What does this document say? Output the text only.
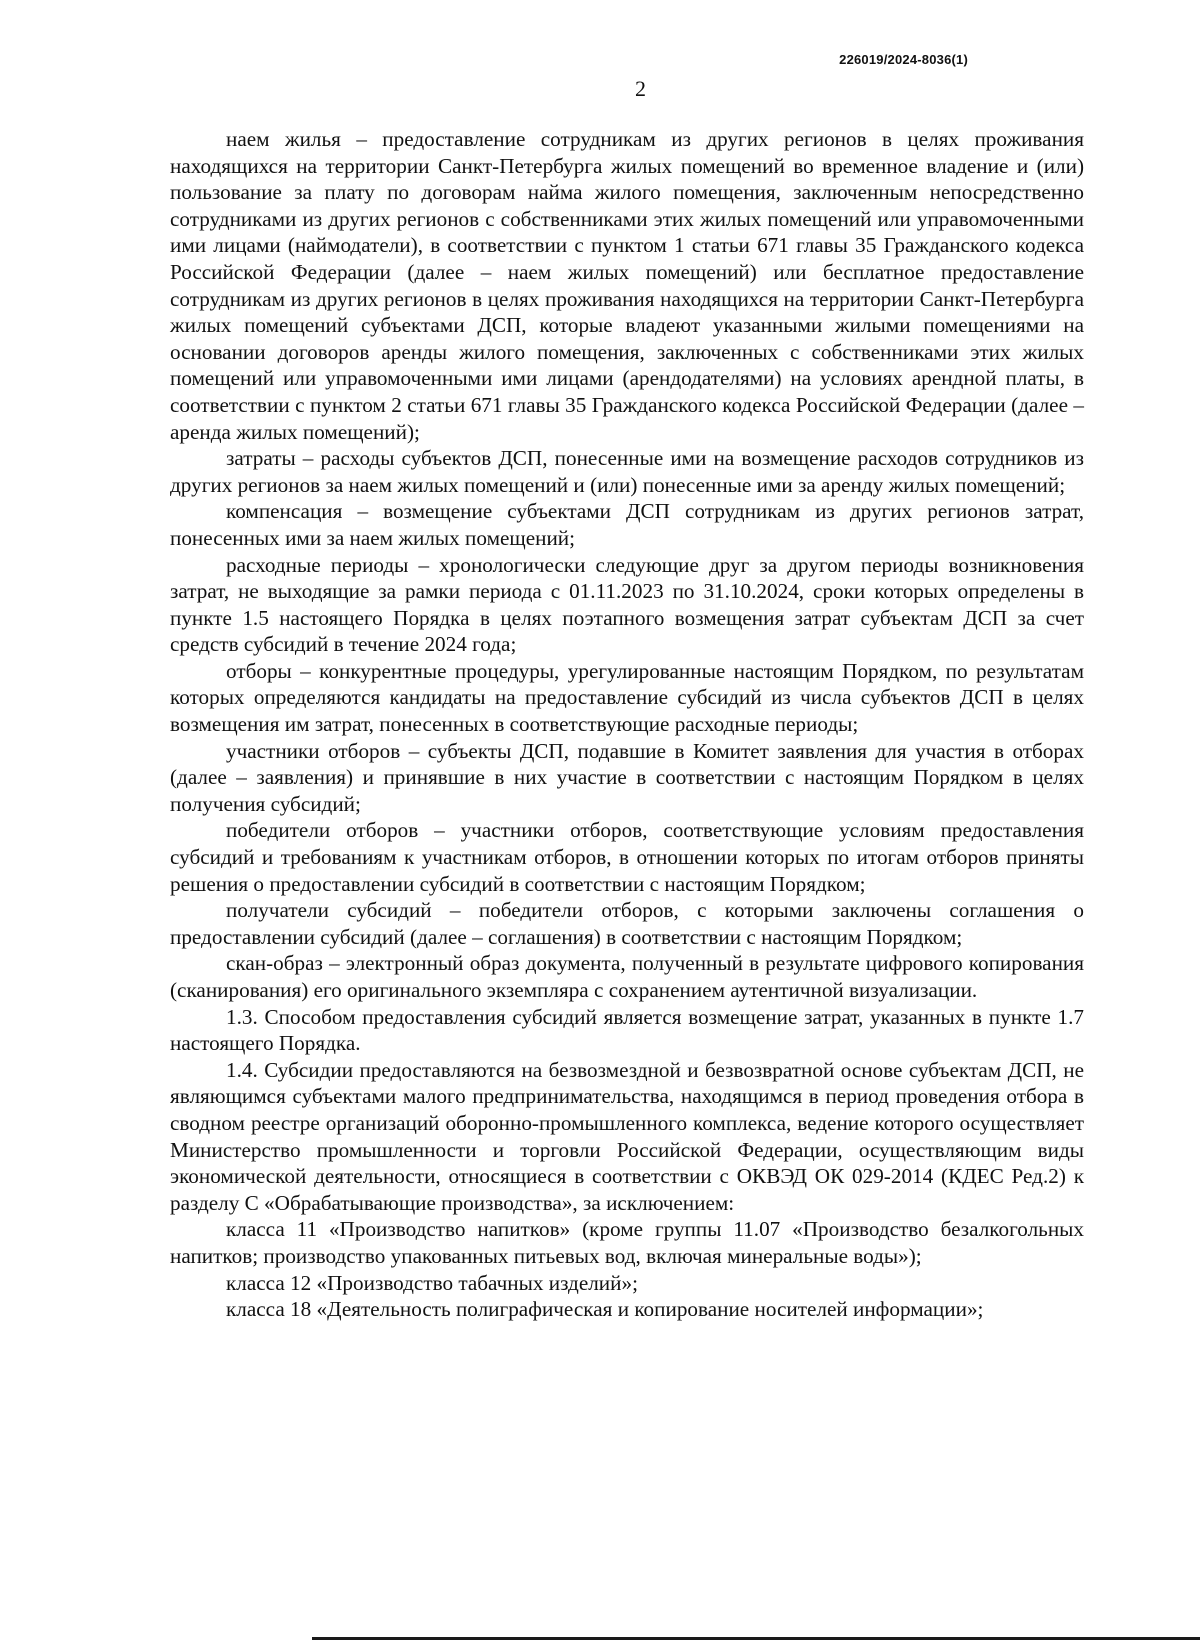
226019/2024-8036(1)
2

наем жилья – предоставление сотрудникам из других регионов в целях проживания находящихся на территории Санкт-Петербурга жилых помещений во временное владение и (или) пользование за плату по договорам найма жилого помещения, заключенным непосредственно сотрудниками из других регионов с собственниками этих жилых помещений или управомоченными ими лицами (наймодатели), в соответствии с пунктом 1 статьи 671 главы 35 Гражданского кодекса Российской Федерации (далее – наем жилых помещений) или бесплатное предоставление сотрудникам из других регионов в целях проживания находящихся на территории Санкт-Петербурга жилых помещений субъектами ДСП, которые владеют указанными жилыми помещениями на основании договоров аренды жилого помещения, заключенных с собственниками этих жилых помещений или управомоченными ими лицами (арендодателями) на условиях арендной платы, в соответствии с пунктом 2 статьи 671 главы 35 Гражданского кодекса Российской Федерации (далее – аренда жилых помещений);

затраты – расходы субъектов ДСП, понесенные ими на возмещение расходов сотрудников из других регионов за наем жилых помещений и (или) понесенные ими за аренду жилых помещений;

компенсация – возмещение субъектами ДСП сотрудникам из других регионов затрат, понесенных ими за наем жилых помещений;

расходные периоды – хронологически следующие друг за другом периоды возникновения затрат, не выходящие за рамки периода с 01.11.2023 по 31.10.2024, сроки которых определены в пункте 1.5 настоящего Порядка в целях поэтапного возмещения затрат субъектам ДСП за счет средств субсидий в течение 2024 года;

отборы – конкурентные процедуры, урегулированные настоящим Порядком, по результатам которых определяются кандидаты на предоставление субсидий из числа субъектов ДСП в целях возмещения им затрат, понесенных в соответствующие расходные периоды;

участники отборов – субъекты ДСП, подавшие в Комитет заявления для участия в отборах (далее – заявления) и принявшие в них участие в соответствии с настоящим Порядком в целях получения субсидий;

победители отборов – участники отборов, соответствующие условиям предоставления субсидий и требованиям к участникам отборов, в отношении которых по итогам отборов приняты решения о предоставлении субсидий в соответствии с настоящим Порядком;

получатели субсидий – победители отборов, с которыми заключены соглашения о предоставлении субсидий (далее – соглашения) в соответствии с настоящим Порядком;

скан-образ – электронный образ документа, полученный в результате цифрового копирования (сканирования) его оригинального экземпляра с сохранением аутентичной визуализации.

1.3. Способом предоставления субсидий является возмещение затрат, указанных в пункте 1.7 настоящего Порядка.

1.4. Субсидии предоставляются на безвозмездной и безвозвратной основе субъектам ДСП, не являющимся субъектами малого предпринимательства, находящимся в период проведения отбора в сводном реестре организаций оборонно-промышленного комплекса, ведение которого осуществляет Министерство промышленности и торговли Российской Федерации, осуществляющим виды экономической деятельности, относящиеся в соответствии с ОКВЭД ОК 029-2014 (КДЕС Ред.2) к разделу С «Обрабатывающие производства», за исключением:

класса 11 «Производство напитков» (кроме группы 11.07 «Производство безалкогольных напитков; производство упакованных питьевых вод, включая минеральные воды»);

класса 12 «Производство табачных изделий»;

класса 18 «Деятельность полиграфическая и копирование носителей информации»;
